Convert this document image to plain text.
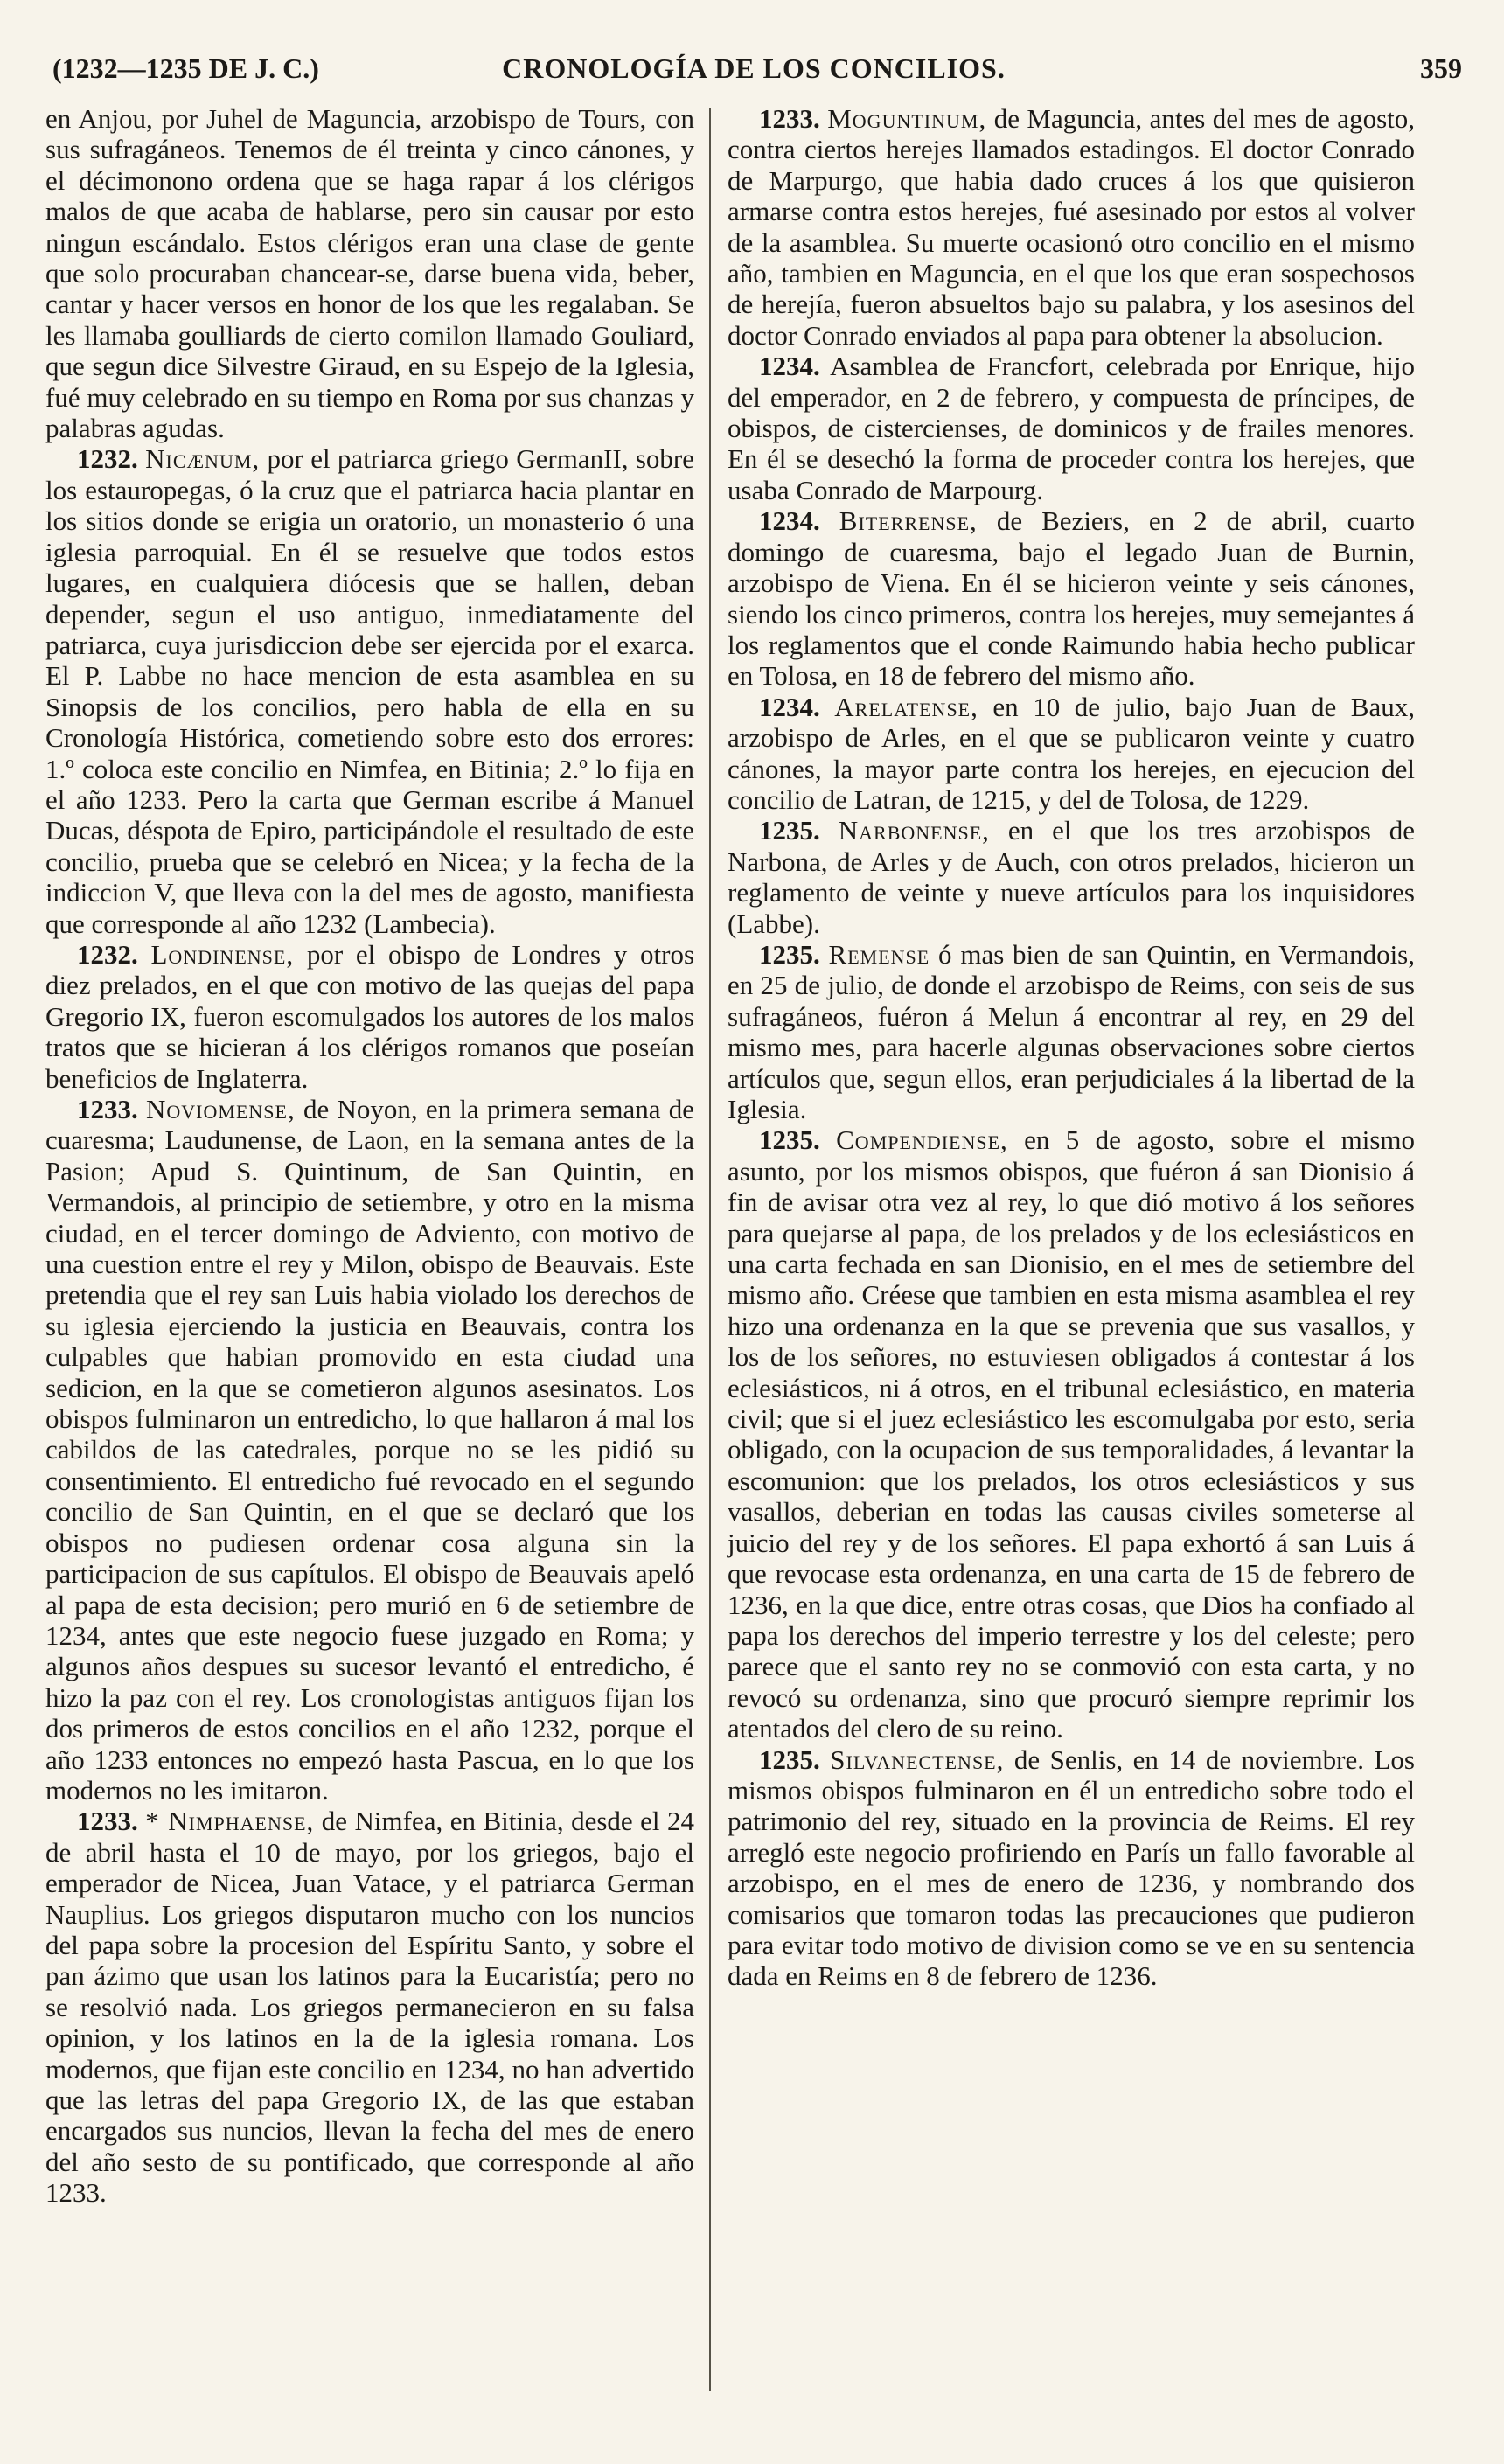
(1232—1235 DE J. C.)	CRONOLOGÍA DE LOS CONCILIOS.	359

en Anjou, por Juhel de Maguncia, arzobispo de Tours, con sus sufragáneos. Tenemos de él treinta y cinco cánones, y el décimonono ordena que se haga rapar á los clérigos malos de que acaba de hablarse, pero sin causar por esto ningun escándalo. Estos clérigos eran una clase de gente que solo procuraban chancear-se, darse buena vida, beber, cantar y hacer versos en honor de los que les regalaban. Se les llamaba goulliards de cierto comilon llamado Gouliard, que segun dice Silvestre Giraud, en su Espejo de la Iglesia, fué muy celebrado en su tiempo en Roma por sus chanzas y palabras agudas.

1232. Nicænum, por el patriarca griego GermanII, sobre los estauropegas, ó la cruz que el patriarca hacia plantar en los sitios donde se erigia un oratorio, un monasterio ó una iglesia parroquial. En él se resuelve que todos estos lugares, en cualquiera diócesis que se hallen, deban depender, segun el uso antiguo, inmediatamente del patriarca, cuya jurisdiccion debe ser ejercida por el exarca. El P. Labbe no hace mencion de esta asamblea en su Sinopsis de los concilios, pero habla de ella en su Cronología Histórica, cometiendo sobre esto dos errores: 1.º coloca este concilio en Nimfea, en Bitinia; 2.º lo fija en el año 1233. Pero la carta que German escribe á Manuel Ducas, déspota de Epiro, participándole el resultado de este concilio, prueba que se celebró en Nicea; y la fecha de la indiccion V, que lleva con la del mes de agosto, manifiesta que corresponde al año 1232 (Lambecia).

1232. Londinense, por el obispo de Londres y otros diez prelados, en el que con motivo de las quejas del papa Gregorio IX, fueron escomulgados los autores de los malos tratos que se hicieran á los clérigos romanos que poseían beneficios de Inglaterra.

1233. Noviomense, de Noyon, en la primera semana de cuaresma; Laudunense, de Laon, en la semana antes de la Pasion; Apud S. Quintinum, de San Quintin, en Vermandois, al principio de setiembre, y otro en la misma ciudad, en el tercer domingo de Adviento, con motivo de una cuestion entre el rey y Milon, obispo de Beauvais. Este pretendia que el rey san Luis habia violado los derechos de su iglesia ejerciendo la justicia en Beauvais, contra los culpables que habian promovido en esta ciudad una sedicion, en la que se cometieron algunos asesinatos. Los obispos fulminaron un entredicho, lo que hallaron á mal los cabildos de las catedrales, porque no se les pidió su consentimiento. El entredicho fué revocado en el segundo concilio de San Quintin, en el que se declaró que los obispos no pudiesen ordenar cosa alguna sin la participacion de sus capítulos. El obispo de Beauvais apeló al papa de esta decision; pero murió en 6 de setiembre de 1234, antes que este negocio fuese juzgado en Roma; y algunos años despues su sucesor levantó el entredicho, é hizo la paz con el rey. Los cronologistas antiguos fijan los dos primeros de estos concilios en el año 1232, porque el año 1233 entonces no empezó hasta Pascua, en lo que los modernos no les imitaron.

1233. * Nimphaense, de Nimfea, en Bitinia, desde el 24 de abril hasta el 10 de mayo, por los griegos, bajo el emperador de Nicea, Juan Vatace, y el patriarca German Nauplius. Los griegos disputaron mucho con los nuncios del papa sobre la procesion del Espíritu Santo, y sobre el pan ázimo que usan los latinos para la Eucaristía; pero no se resolvió nada. Los griegos permanecieron en su falsa opinion, y los latinos en la de la iglesia romana. Los modernos, que fijan este concilio en 1234, no han advertido que las letras del papa Gregorio IX, de las que estaban encargados sus nuncios, llevan la fecha del mes de enero del año sesto de su pontificado, que corresponde al año 1233.

1233. Moguntinum, de Maguncia, antes del mes de agosto, contra ciertos herejes llamados estadingos. El doctor Conrado de Marpurgo, que habia dado cruces á los que quisieron armarse contra estos herejes, fué asesinado por estos al volver de la asamblea. Su muerte ocasionó otro concilio en el mismo año, tambien en Maguncia, en el que los que eran sospechosos de herejía, fueron absueltos bajo su palabra, y los asesinos del doctor Conrado enviados al papa para obtener la absolucion.

1234. Asamblea de Francfort, celebrada por Enrique, hijo del emperador, en 2 de febrero, y compuesta de príncipes, de obispos, de cistercienses, de dominicos y de frailes menores. En él se desechó la forma de proceder contra los herejes, que usaba Conrado de Marpourg.

1234. Biterrense, de Beziers, en 2 de abril, cuarto domingo de cuaresma, bajo el legado Juan de Burnin, arzobispo de Viena. En él se hicieron veinte y seis cánones, siendo los cinco primeros, contra los herejes, muy semejantes á los reglamentos que el conde Raimundo habia hecho publicar en Tolosa, en 18 de febrero del mismo año.

1234. Arelatense, en 10 de julio, bajo Juan de Baux, arzobispo de Arles, en el que se publicaron veinte y cuatro cánones, la mayor parte contra los herejes, en ejecucion del concilio de Latran, de 1215, y del de Tolosa, de 1229.

1235. Narbonense, en el que los tres arzobispos de Narbona, de Arles y de Auch, con otros prelados, hicieron un reglamento de veinte y nueve artículos para los inquisidores (Labbe).

1235. Remense ó mas bien de san Quintin, en Vermandois, en 25 de julio, de donde el arzobispo de Reims, con seis de sus sufragáneos, fuéron á Melun á encontrar al rey, en 29 del mismo mes, para hacerle algunas observaciones sobre ciertos artículos que, segun ellos, eran perjudiciales á la libertad de la Iglesia.

1235. Compendiense, en 5 de agosto, sobre el mismo asunto, por los mismos obispos, que fuéron á san Dionisio á fin de avisar otra vez al rey, lo que dió motivo á los señores para quejarse al papa, de los prelados y de los eclesiásticos en una carta fechada en san Dionisio, en el mes de setiembre del mismo año. Créese que tambien en esta misma asamblea el rey hizo una ordenanza en la que se prevenia que sus vasallos, y los de los señores, no estuviesen obligados á contestar á los eclesiásticos, ni á otros, en el tribunal eclesiástico, en materia civil; que si el juez eclesiástico les escomulgaba por esto, seria obligado, con la ocupacion de sus temporalidades, á levantar la escomunion: que los prelados, los otros eclesiásticos y sus vasallos, deberian en todas las causas civiles someterse al juicio del rey y de los señores. El papa exhortó á san Luis á que revocase esta ordenanza, en una carta de 15 de febrero de 1236, en la que dice, entre otras cosas, que Dios ha confiado al papa los derechos del imperio terrestre y los del celeste; pero parece que el santo rey no se conmovió con esta carta, y no revocó su ordenanza, sino que procuró siempre reprimir los atentados del clero de su reino.

1235. Silvanectense, de Senlis, en 14 de noviembre. Los mismos obispos fulminaron en él un entredicho sobre todo el patrimonio del rey, situado en la provincia de Reims. El rey arregló este negocio profiriendo en París un fallo favorable al arzobispo, en el mes de enero de 1236, y nombrando dos comisarios que tomaron todas las precauciones que pudieron para evitar todo motivo de division como se ve en su sentencia dada en Reims en 8 de febrero de 1236.
